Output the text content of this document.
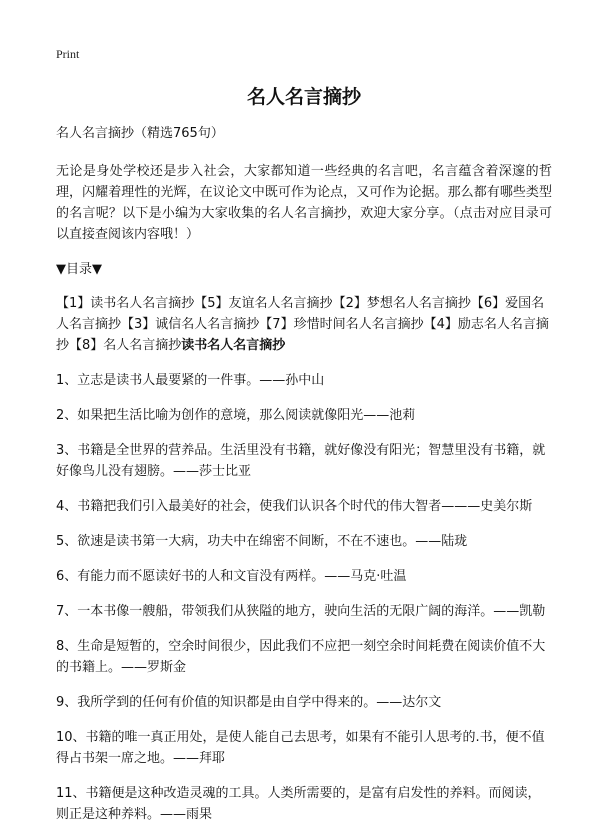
Print
名人名言摘抄

名人名言摘抄（精选765句）

无论是身处学校还是步入社会，大家都知道一些经典的名言吧，名言蕴含着深邃的哲理，闪耀着理性的光辉，在议论文中既可作为论点，又可作为论据。那么都有哪些类型的名言呢？以下是小编为大家收集的名人名言摘抄，欢迎大家分享。（点击对应目录可以直接查阅该内容哦！）

▼目录▼

【1】读书名人名言摘抄【5】友谊名人名言摘抄【2】梦想名人名言摘抄【6】爱国名人名言摘抄【3】诚信名人名言摘抄【7】珍惜时间名人名言摘抄【4】励志名人名言摘抄【8】名人名言摘抄读书名人名言摘抄

1、立志是读书人最要紧的一件事。——孙中山
2、如果把生活比喻为创作的意境，那么阅读就像阳光——池莉
3、书籍是全世界的营养品。生活里没有书籍，就好像没有阳光；智慧里没有书籍，就好像鸟儿没有翅膀。——莎士比亚
4、书籍把我们引入最美好的社会，使我们认识各个时代的伟大智者———史美尔斯
5、欲速是读书第一大病，功夫中在绵密不间断，不在不速也。——陆珑
6、有能力而不愿读好书的人和文盲没有两样。——马克·吐温
7、一本书像一艘船，带领我们从狭隘的地方，驶向生活的无限广阔的海洋。——凯勒
8、生命是短暂的，空余时间很少，因此我们不应把一刻空余时间耗费在阅读价值不大的书籍上。——罗斯金
9、我所学到的任何有价值的知识都是由自学中得来的。——达尔文
10、书籍的唯一真正用处，是使人能自己去思考，如果有不能引人思考的.书，便不值得占书架一席之地。——拜耶
11、书籍便是这种改造灵魂的工具。人类所需要的，是富有启发性的养料。而阅读，则正是这种养料。——雨果
